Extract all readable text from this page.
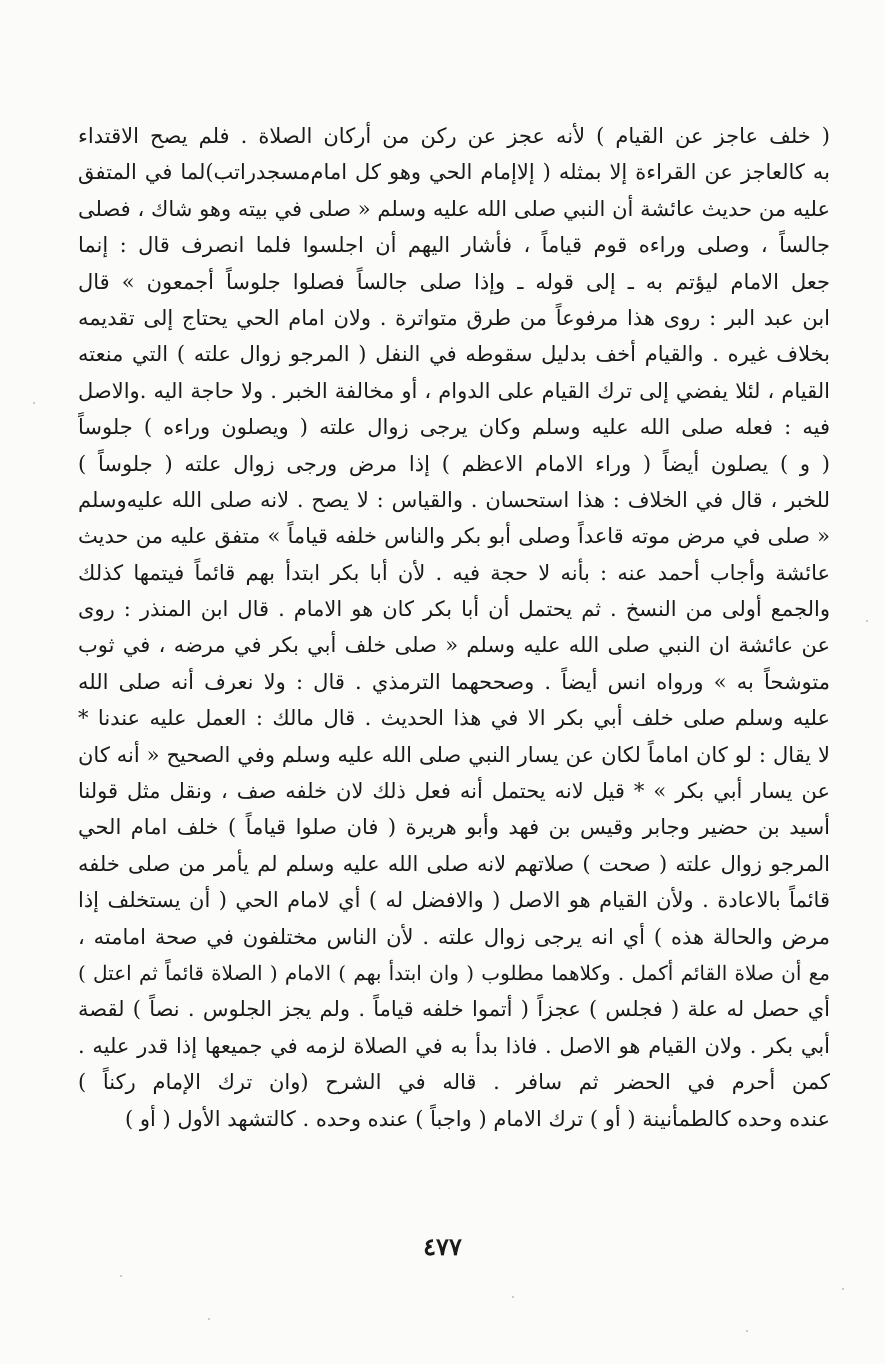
( خلف عاجز عن القيام ) لأنه عجز عن ركن من أركان الصلاة . فلم يصح الاقتداء
به كالعاجز عن القراءة إلا بمثله ( إلاإمام الحي وهو كل امام‌مسجدراتب)لما في المتفق
عليه من حديث عائشة أن النبي صلى الله عليه وسلم « صلى في بيته وهو شاك ، فصلى
جالساً ، وصلى وراءه قوم قياماً ، فأشار اليهم أن اجلسوا فلما انصرف قال : إنما
جعل الامام ليؤتم به ـ إلى قوله ـ وإذا صلى جالساً فصلوا جلوساً أجمعون » قال
ابن عبد البر : روى هذا مرفوعاً من طرق متواترة . ولان امام الحي يحتاج إلى تقديمه
بخلاف غيره . والقيام أخف بدليل سقوطه في النفل ( المرجو زوال علته ) التي منعته
القيام ، لئلا يفضي إلى ترك القيام على الدوام ، أو مخالفة الخبر . ولا حاجة اليه .والاصل
فيه : فعله صلى الله عليه وسلم وكان يرجى زوال علته ( ويصلون وراءه ) جلوساً
( و ) يصلون أيضاً ( وراء الامام الاعظم ) إذا مرض ورجى زوال علته ( جلوساً )
للخبر ، قال في الخلاف : هذا استحسان . والقياس : لا يصح . لانه صلى الله عليه‌وسلم
« صلى في مرض موته قاعداً وصلى أبو بكر والناس خلفه قياماً » متفق عليه من حديث
عائشة وأجاب أحمد عنه : بأنه لا حجة فيه . لأن أبا بكر ابتدأ بهم قائماً فيتمها كذلك
والجمع أولى من النسخ . ثم يحتمل أن أبا بكر كان هو الامام . قال ابن المنذر : روى
عن عائشة ان النبي صلى الله عليه وسلم « صلى خلف أبي بكر في مرضه ، في ثوب
متوشحاً به » ورواه انس أيضاً . وصححهما الترمذي . قال : ولا نعرف أنه صلى الله
عليه وسلم صلى خلف أبي بكر الا في هذا الحديث . قال مالك : العمل عليه عندنا *
لا يقال : لو كان اماماً لكان عن يسار النبي صلى الله عليه وسلم وفي الصحيح « أنه كان
عن يسار أبي بكر » * قيل لانه يحتمل أنه فعل ذلك لان خلفه صف ، ونقل مثل قولنا
أسيد بن حضير وجابر وقيس بن فهد وأبو هريرة ( فان صلوا قياماً ) خلف امام الحي
المرجو زوال علته ( صحت ) صلاتهم لانه صلى الله عليه وسلم لم يأمر من صلى خلفه
قائماً بالاعادة . ولأن القيام هو الاصل ( والافضل له ) أي لامام الحي ( أن يستخلف إذا
مرض والحالة هذه ) أي انه يرجى زوال علته . لأن الناس مختلفون في صحة امامته ،
مع أن صلاة القائم أكمل . وكلاهما مطلوب ( وان ابتدأ بهم ) الامام ( الصلاة قائماً ثم اعتل )
أي حصل له علة ( فجلس ) عجزاً ( أتموا خلفه قياماً . ولم يجز الجلوس . نصاً ) لقصة
أبي بكر . ولان القيام هو الاصل . فاذا بدأ به في الصلاة لزمه في جميعها إذا قدر عليه .
كمن أحرم في الحضر ثم سافر . قاله في الشرح (وان ترك الإمام ركناً )
عنده وحده كالطمأنينة ( أو ) ترك الامام ( واجباً ) عنده وحده . كالتشهد الأول ( أو )
٤٧٧
